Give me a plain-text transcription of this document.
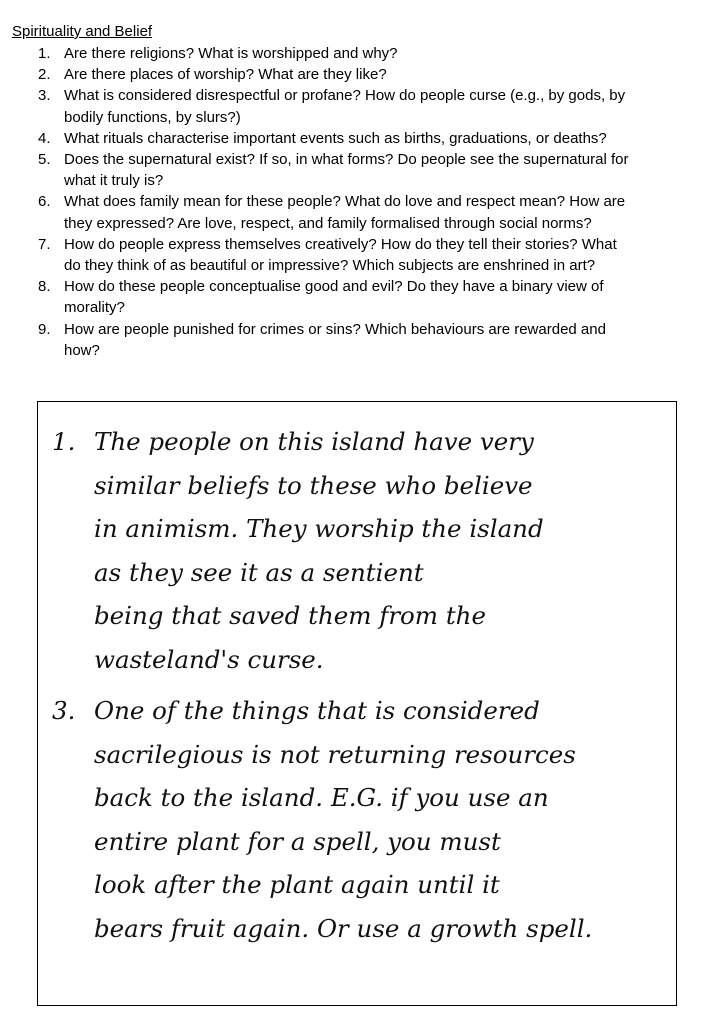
Spirituality and Belief
1. Are there religions? What is worshipped and why?
2. Are there places of worship? What are they like?
3. What is considered disrespectful or profane? How do people curse (e.g., by gods, by
bodily functions, by slurs?)
4. What rituals characterise important events such as births, graduations, or deaths?
5. Does the supernatural exist? If so, in what forms? Do people see the supernatural for
what it truly is?
6. What does family mean for these people? What do love and respect mean? How are
they expressed? Are love, respect, and family formalised through social norms?
7. How do people express themselves creatively? How do they tell their stories? What
do they think of as beautiful or impressive? Which subjects are enshrined in art?
8. How do these people conceptualise good and evil? Do they have a binary view of
morality?
9. How are people punished for crimes or sins? Which behaviours are rewarded and
how?
1. The people on this island have very
similar beliefs to these who believe
in animism. They worship the island
as they see it as a sentient
being that saved them from the
wasteland's curse.
3. One of the things that is considered
sacrilegious is not returning resources
back to the island. E.G. if you use an
entire plant for a spell, you must
look after the plant again until it
bears fruit again. Or use a growth spell.
